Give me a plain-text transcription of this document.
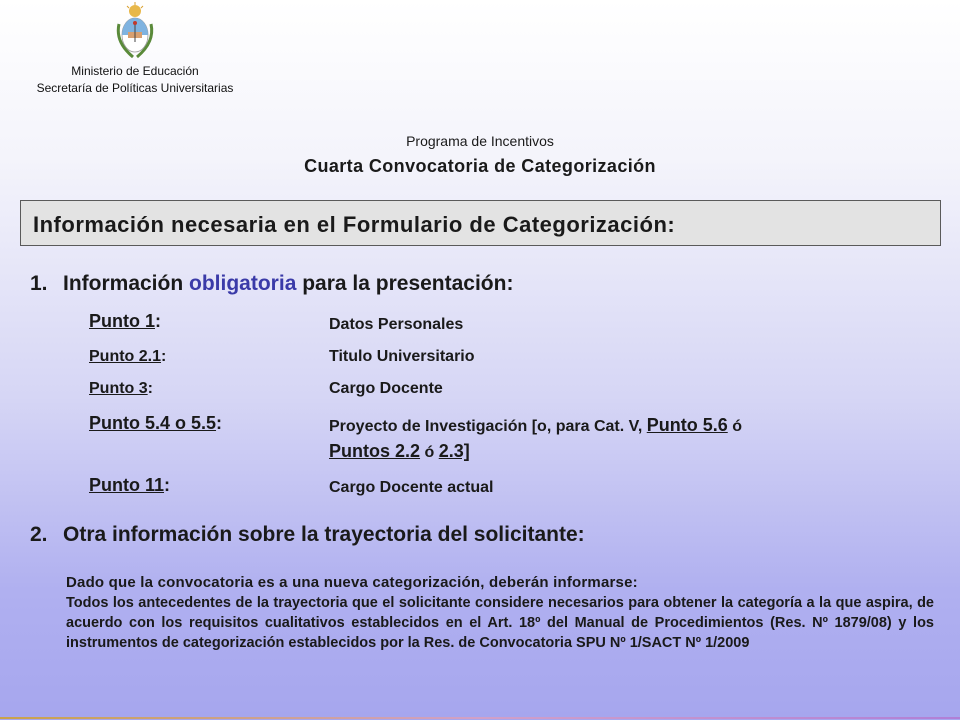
Ministerio de Educación
Secretaría de Políticas Universitarias
Programa de Incentivos
Cuarta Convocatoria de Categorización
Información necesaria en el Formulario de Categorización:
1. Información obligatoria para la presentación:
Punto 1:	Datos Personales
Punto 2.1:	Titulo Universitario
Punto 3:	Cargo Docente
Punto 5.4 o 5.5:	Proyecto de Investigación [o, para Cat. V, Punto 5.6 ó
Puntos 2.2 ó 2.3]
Punto 11:	Cargo Docente actual
2. Otra información sobre la trayectoria del solicitante:
Dado que la convocatoria es a una nueva categorización, deberán informarse:
Todos los antecedentes de la trayectoria que el solicitante considere necesarios para obtener la categoría a la que aspira, de acuerdo con los requisitos cualitativos establecidos en el Art. 18º del Manual de Procedimientos (Res. Nº 1879/08) y los instrumentos de categorización establecidos por la Res. de Convocatoria SPU Nº 1/SACT Nº 1/2009
